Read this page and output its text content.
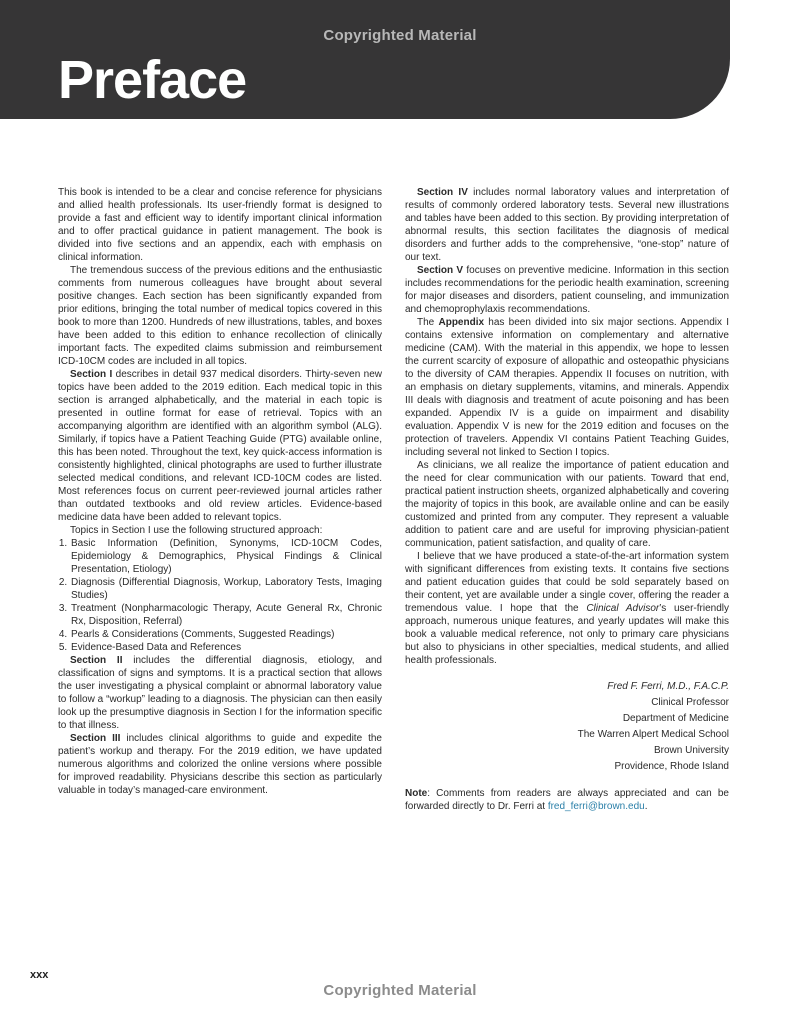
Preface
Copyrighted Material

This book is intended to be a clear and concise reference for physicians and allied health professionals. Its user-friendly format is designed to provide a fast and efficient way to identify important clinical information and to offer practical guidance in patient management. The book is divided into five sections and an appendix, each with emphasis on clinical information.

The tremendous success of the previous editions and the enthusiastic comments from numerous colleagues have brought about several positive changes. Each section has been significantly expanded from prior editions, bringing the total number of medical topics covered in this book to more than 1200. Hundreds of new illustrations, tables, and boxes have been added to this edition to enhance recollection of clinically important facts. The expedited claims submission and reimbursement ICD-10CM codes are included in all topics.

Section I describes in detail 937 medical disorders. Thirty-seven new topics have been added to the 2019 edition. Each medical topic in this section is arranged alphabetically, and the material in each topic is presented in outline format for ease of retrieval. Topics with an accompanying algorithm are identified with an algorithm symbol (ALG). Similarly, if topics have a Patient Teaching Guide (PTG) available online, this has been noted. Throughout the text, key quick-access information is consistently highlighted, clinical photographs are used to further illustrate selected medical conditions, and relevant ICD-10CM codes are listed. Most references focus on current peer-reviewed journal articles rather than outdated textbooks and old review articles. Evidence-based medicine data have been added to relevant topics.

Topics in Section I use the following structured approach:

1. Basic Information (Definition, Synonyms, ICD-10CM Codes, Epidemiology & Demographics, Physical Findings & Clinical Presentation, Etiology)
2. Diagnosis (Differential Diagnosis, Workup, Laboratory Tests, Imaging Studies)
3. Treatment (Nonpharmacologic Therapy, Acute General Rx, Chronic Rx, Disposition, Referral)
4. Pearls & Considerations (Comments, Suggested Readings)
5. Evidence-Based Data and References

Section II includes the differential diagnosis, etiology, and classification of signs and symptoms. It is a practical section that allows the user investigating a physical complaint or abnormal laboratory value to follow a “workup” leading to a diagnosis. The physician can then easily look up the presumptive diagnosis in Section I for the information specific to that illness.

Section III includes clinical algorithms to guide and expedite the patient’s workup and therapy. For the 2019 edition, we have updated numerous algorithms and colorized the online versions where possible for improved readability. Physicians describe this section as particularly valuable in today’s managed-care environment.

Section IV includes normal laboratory values and interpretation of results of commonly ordered laboratory tests. Several new illustrations and tables have been added to this section. By providing interpretation of abnormal results, this section facilitates the diagnosis of medical disorders and further adds to the comprehensive, “one-stop” nature of our text.

Section V focuses on preventive medicine. Information in this section includes recommendations for the periodic health examination, screening for major diseases and disorders, patient counseling, and immunization and chemoprophylaxis recommendations.

The Appendix has been divided into six major sections. Appendix I contains extensive information on complementary and alternative medicine (CAM). With the material in this appendix, we hope to lessen the current scarcity of exposure of allopathic and osteopathic physicians to the diversity of CAM therapies. Appendix II focuses on nutrition, with an emphasis on dietary supplements, vitamins, and minerals. Appendix III deals with diagnosis and treatment of acute poisoning and has been expanded. Appendix IV is a guide on impairment and disability evaluation. Appendix V is new for the 2019 edition and focuses on the protection of travelers. Appendix VI contains Patient Teaching Guides, including several not linked to Section I topics.

As clinicians, we all realize the importance of patient education and the need for clear communication with our patients. Toward that end, practical patient instruction sheets, organized alphabetically and covering the majority of topics in this book, are available online and can be easily customized and printed from any computer. They represent a valuable addition to patient care and are useful for improving physician-patient communication, patient satisfaction, and quality of care.

I believe that we have produced a state-of-the-art information system with significant differences from existing texts. It contains five sections and patient education guides that could be sold separately based on their content, yet are available under a single cover, offering the reader a tremendous value. I hope that the Clinical Advisor’s user-friendly approach, numerous unique features, and yearly updates will make this book a valuable medical reference, not only to primary care physicians but also to physicians in other specialties, medical students, and allied health professionals.

Fred F. Ferri, M.D., F.A.C.P.

Clinical Professor

Department of Medicine

The Warren Alpert Medical School

Brown University

Providence, Rhode Island

Note: Comments from readers are always appreciated and can be forwarded directly to Dr. Ferri at fred_ferri@brown.edu.

xxx
Copyrighted Material
